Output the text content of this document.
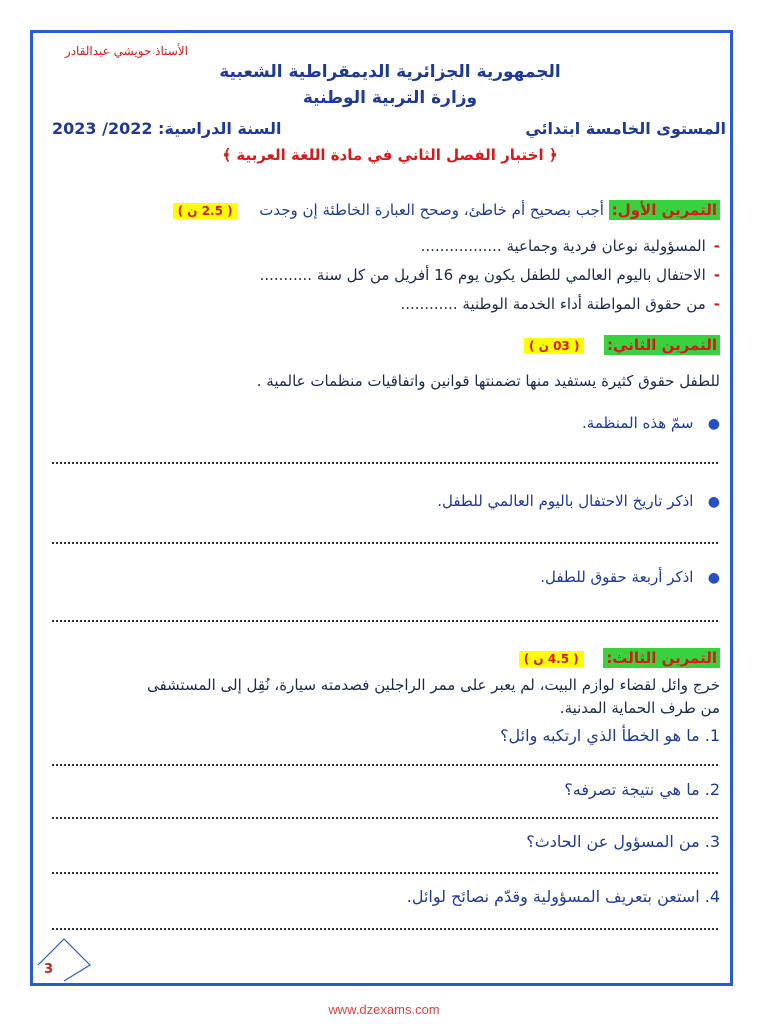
الأستاذ حويشي عبدالقادر
الجمهورية الجزائرية الديمقراطية الشعبية
وزارة التربية الوطنية
المستوى الخامسة ابتدائي
السنة الدراسية: 2022/ 2023
﴿ اختبار الفصل الثاني في مادة اللغة العربية ﴾
التمرين الأول: أجب بصحيح أم خاطئ، وصحح العبارة الخاطئة إن وجدت  ( 2.5 ن )
-المسؤولية نوعان فردية وجماعية .................
-الاحتفال باليوم العالمي للطفل يكون يوم 16 أفريل من كل سنة ...........
-من حقوق المواطنة أداء الخدمة الوطنية ............
التمرين الثاني:  ( 03 ن )
للطفل حقوق كثيرة يستفيد منها تضمنتها قوانين واتفاقيات منظمات عالمية .
●   سمّ هذه المنظمة.
●   اذكر تاريخ الاحتفال باليوم العالمي للطفل.
●   اذكر أربعة حقوق للطفل.
التمرين الثالث:  ( 4.5 ن )
خرج وائل لقضاء لوازم البيت، لم يعبر على ممر الراجلين فصدمته سيارة، نُقِل إلى المستشفى
من طرف الحماية المدنية.
1. ما هو الخطأ الذي ارتكبه وائل؟
2. ما هي نتيجة تصرفه؟
3. من المسؤول عن الحادث؟
4. استعن بتعريف المسؤولية وقدّم نصائح لوائل.
3
www.dzexams.com
